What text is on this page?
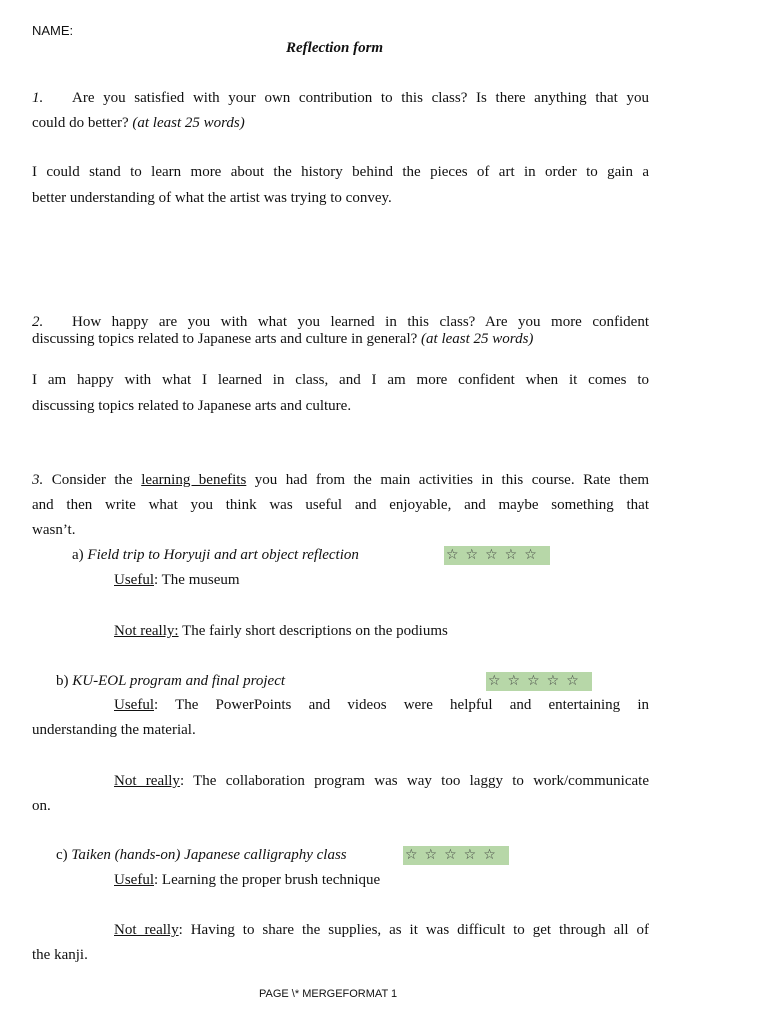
NAME:
Reflection form
1. Are you satisfied with your own contribution to this class? Is there anything that you
could do better? (at least 25 words)
I could stand to learn more about the history behind the pieces of art in order to gain a
better understanding of what the artist was trying to convey.
2. How happy are you with what you learned in this class? Are you more confident
discussing topics related to Japanese arts and culture in general? (at least 25 words)
I am happy with what I learned in class, and I am more confident when it comes to
discussing topics related to Japanese arts and culture.
3. Consider the learning benefits you had from the main activities in this course. Rate them
and then write what you think was useful and enjoyable, and maybe something that
wasn’t.
a) Field trip to Horyuji and art object reflection	☆☆☆☆☆
Useful: The museum
Not really: The fairly short descriptions on the podiums
b) KU-EOL program and final project	☆☆☆☆☆
Useful: The PowerPoints and videos were helpful and entertaining in
understanding the material.
Not really: The collaboration program was way too laggy to work/communicate
on.
c) Taiken (hands-on) Japanese calligraphy class	☆☆☆☆☆
Useful: Learning the proper brush technique
Not really: Having to share the supplies, as it was difficult to get through all of
the kanji.
PAGE \* MERGEFORMAT 1
